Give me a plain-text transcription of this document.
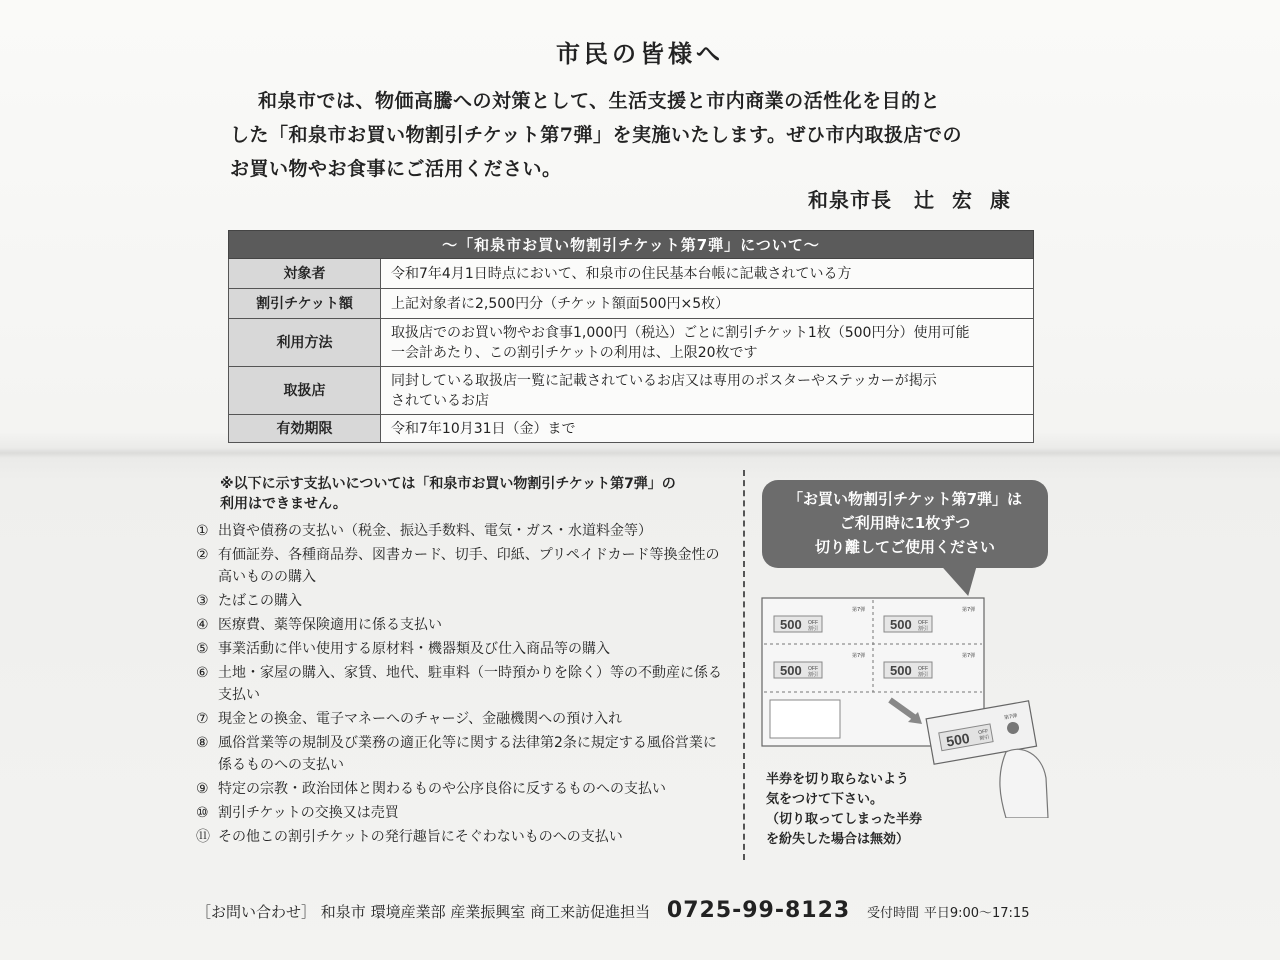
市民の皆様へ
和泉市では、物価高騰への対策として、生活支援と市内商業の活性化を目的と
した「和泉市お買い物割引チケット第7弾」を実施いたします。ぜひ市内取扱店での
お買い物やお食事にご活用ください。
和泉市長 辻宏康
～「和泉市お買い物割引チケット第7弾」について～	
対象者	令和7年4月1日時点において、和泉市の住民基本台帳に記載されている方
割引チケット額	上記対象者に2,500円分（チケット額面500円×5枚）
利用方法	取扱店でのお買い物やお食事1,000円（税込）ごとに割引チケット1枚（500円分）使用可能
一会計あたり、この割引チケットの利用は、上限20枚です

取扱店	同封している取扱店一覧に記載されているお店又は専用のポスターやステッカーが掲示
されているお店

有効期限	令和7年10月31日（金）まで
※以下に示す支払いについては「和泉市お買い物割引チケット第7弾」の
利用はできません。
① 出資や債務の支払い（税金、振込手数料、電気・ガス・水道料金等）
② 有価証券、各種商品券、図書カード、切手、印紙、プリペイドカード等換金性の高いものの購入
③ たばこの購入
④ 医療費、薬等保険適用に係る支払い
⑤ 事業活動に伴い使用する原材料・機器類及び仕入商品等の購入
⑥ 土地・家屋の購入、家賃、地代、駐車料（一時預かりを除く）等の不動産に係る支払い
⑦ 現金との換金、電子マネーへのチャージ、金融機関への預け入れ
⑧ 風俗営業等の規制及び業務の適正化等に関する法律第2条に規定する風俗営業に係るものへの支払い
⑨ 特定の宗教・政治団体と関わるものや公序良俗に反するものへの支払い
⑩ 割引チケットの交換又は売買
⑪ その他この割引チケットの発行趣旨にそぐわないものへの支払い
「お買い物割引チケット第7弾」は
ご利用時に1枚ずつ
切り離してご使用ください
500 OFF
割引
第7弾
500 OFF
割引
第7弾
500 OFF
割引
第7弾
500 OFF
割引
第7弾
500 OFF
割引
第7弾
半券を切り取らないよう
気をつけて下さい。
（切り取ってしまった半券
を紛失した場合は無効）
［お問い合わせ］ 和泉市 環境産業部 産業振興室 商工来訪促進担当 0725-99-8123 受付時間 平日9:00～17:15
